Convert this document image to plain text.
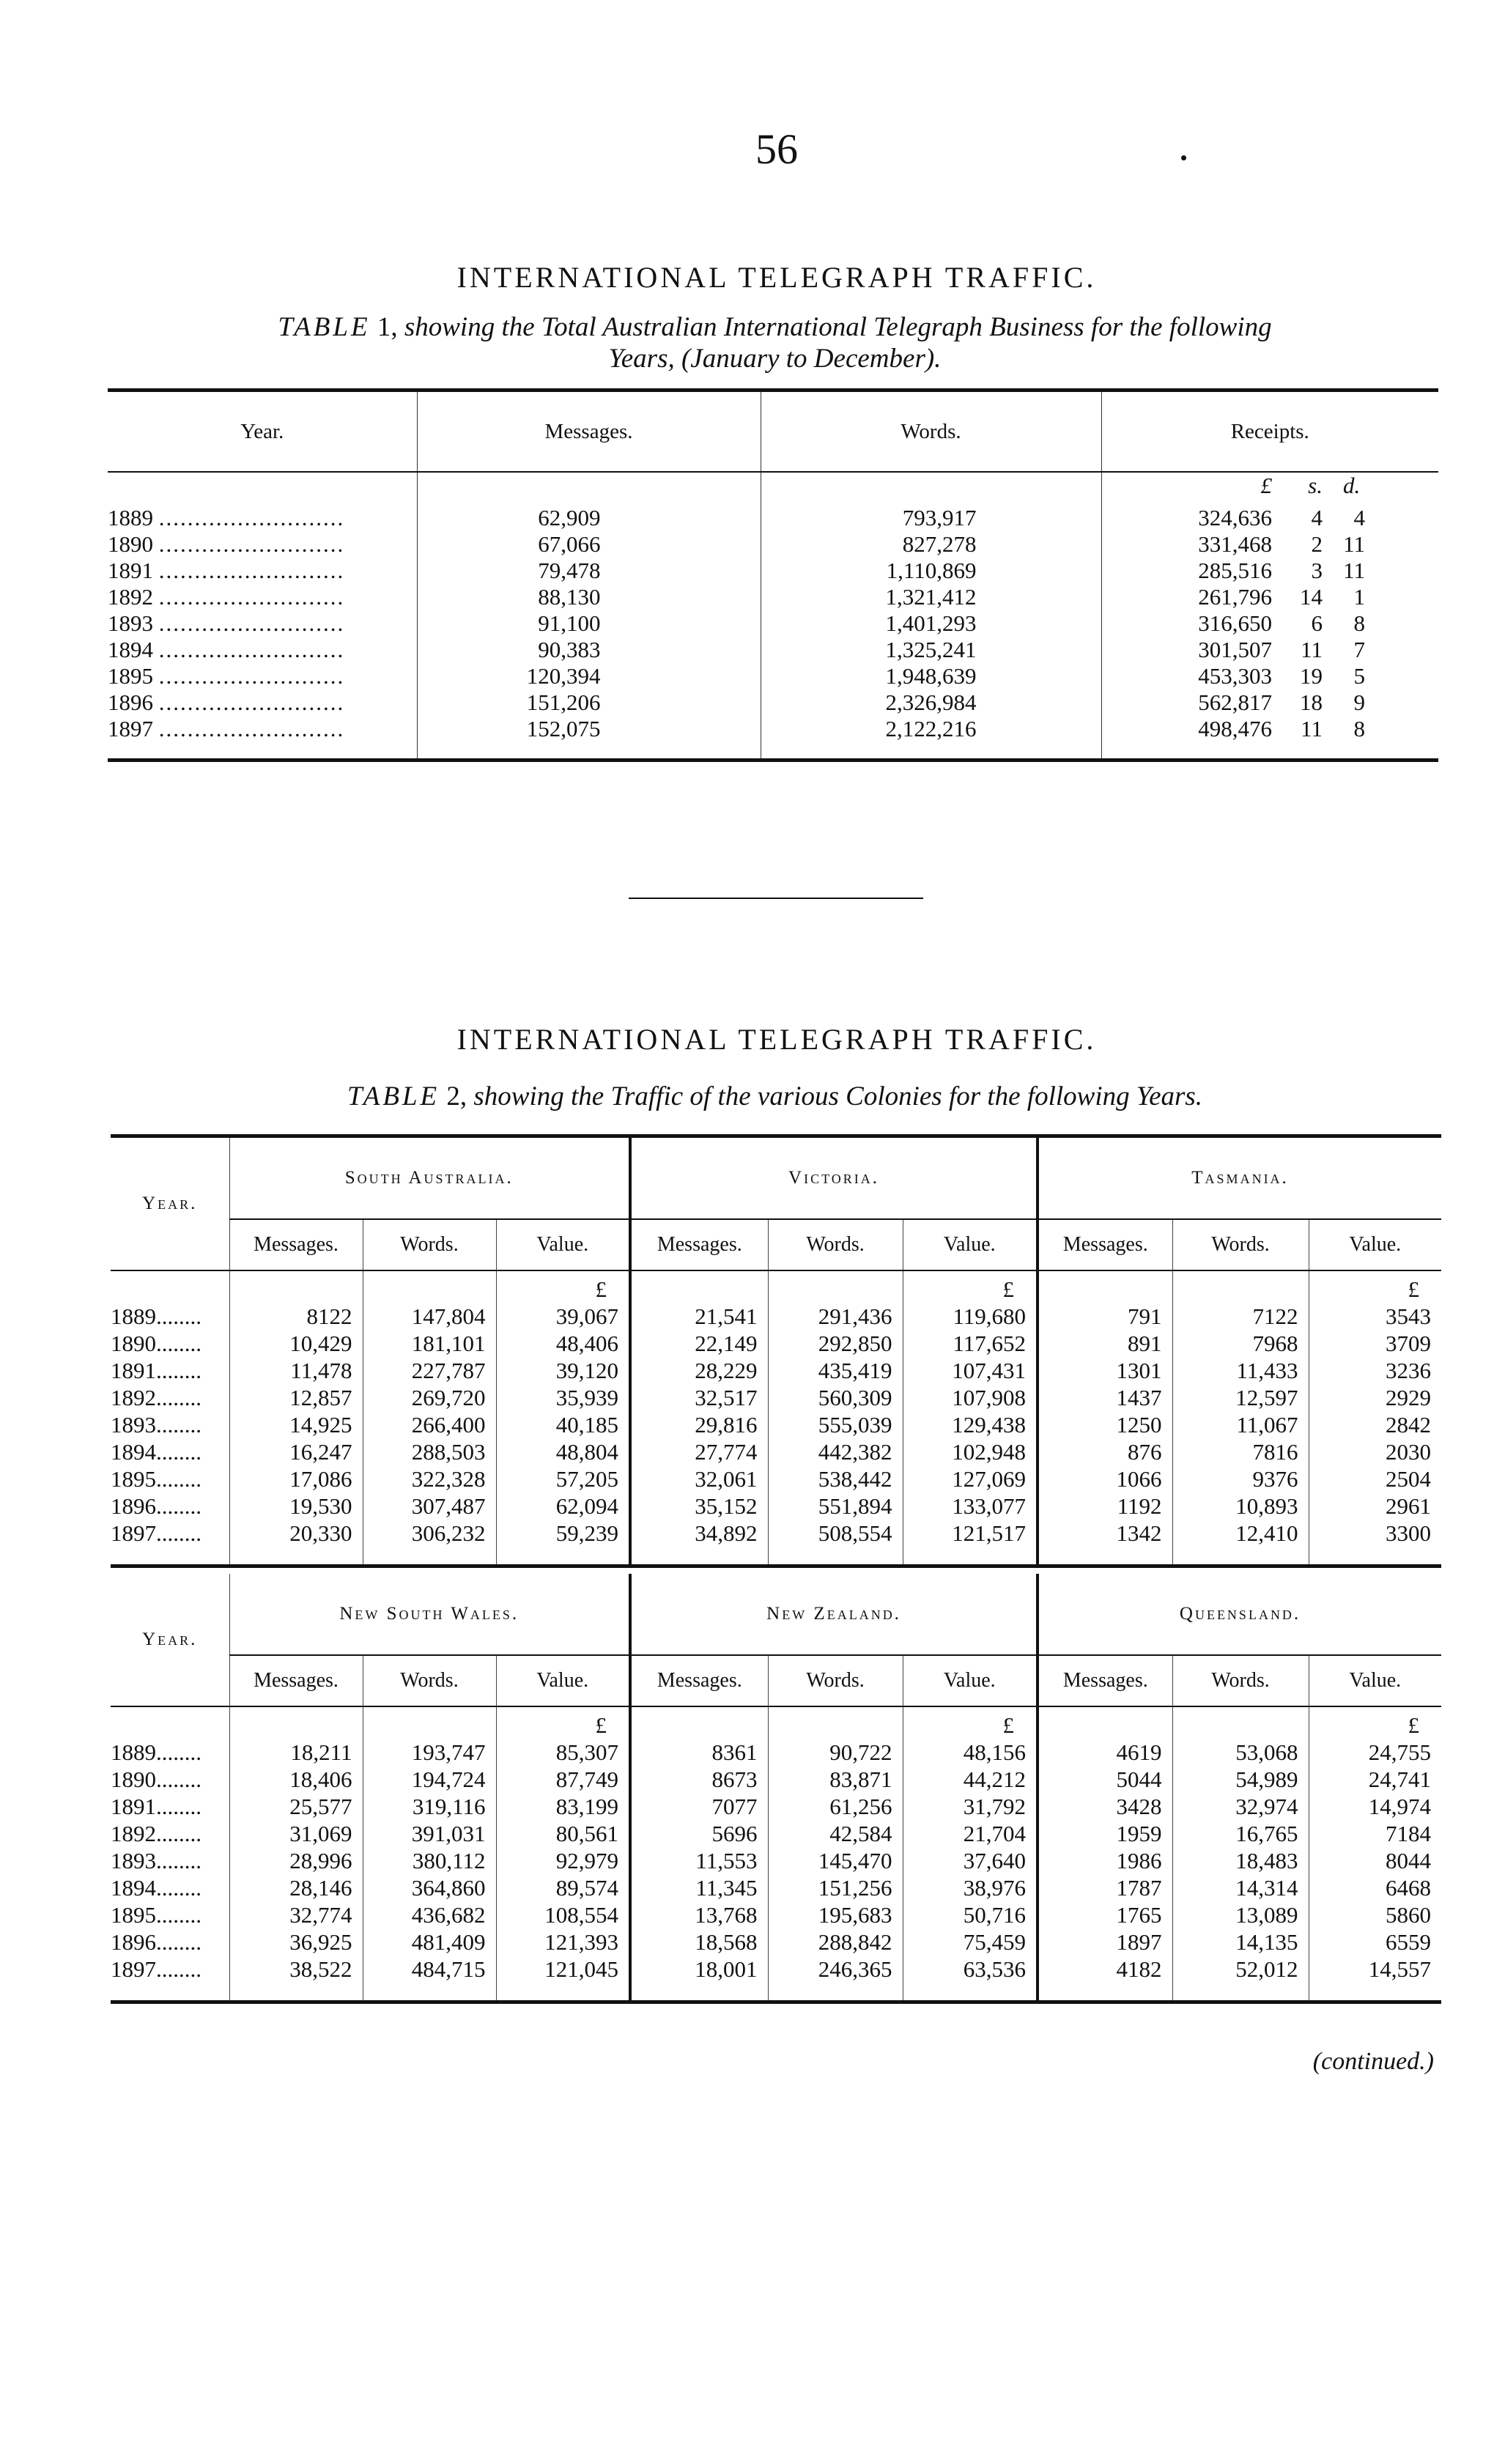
56
INTERNATIONAL TELEGRAPH TRAFFIC.
TABLE 1, showing the Total Australian International Telegraph Business for the following
Years, (January to December).
Year.	Messages.	Words.	Receipts.		
			£	s.	d.
1889 ..........................	62,909	793,917	324,636	4	4
1890 ..........................	67,066	827,278	331,468	2	11
1891 ..........................	79,478	1,110,869	285,516	3	11
1892 ..........................	88,130	1,321,412	261,796	14	1
1893 ..........................	91,100	1,401,293	316,650	6	8
1894 ..........................	90,383	1,325,241	301,507	11	7
1895 ..........................	120,394	1,948,639	453,303	19	5
1896 ..........................	151,206	2,326,984	562,817	18	9
1897 ..........................	152,075	2,122,216	498,476	11	8
INTERNATIONAL TELEGRAPH TRAFFIC.
TABLE 2, showing the Traffic of the various Colonies for the following Years.
Year.	South Australia.			Victoria.			Tasmania.		
	Messages.	Words.	Value.	Messages.	Words.	Value.	Messages.	Words.	Value.
			£			£			£
1889........	8122	147,804	39,067	21,541	291,436	119,680	791	7122	3543
1890........	10,429	181,101	48,406	22,149	292,850	117,652	891	7968	3709
1891........	11,478	227,787	39,120	28,229	435,419	107,431	1301	11,433	3236
1892........	12,857	269,720	35,939	32,517	560,309	107,908	1437	12,597	2929
1893........	14,925	266,400	40,185	29,816	555,039	129,438	1250	11,067	2842
1894........	16,247	288,503	48,804	27,774	442,382	102,948	876	7816	2030
1895........	17,086	322,328	57,205	32,061	538,442	127,069	1066	9376	2504
1896........	19,530	307,487	62,094	35,152	551,894	133,077	1192	10,893	2961
1897........	20,330	306,232	59,239	34,892	508,554	121,517	1342	12,410	3300
Year.	New South Wales.			New Zealand.			Queensland.		
	Messages.	Words.	Value.	Messages.	Words.	Value.	Messages.	Words.	Value.
			£			£			£
1889........	18,211	193,747	85,307	8361	90,722	48,156	4619	53,068	24,755
1890........	18,406	194,724	87,749	8673	83,871	44,212	5044	54,989	24,741
1891........	25,577	319,116	83,199	7077	61,256	31,792	3428	32,974	14,974
1892........	31,069	391,031	80,561	5696	42,584	21,704	1959	16,765	7184
1893........	28,996	380,112	92,979	11,553	145,470	37,640	1986	18,483	8044
1894........	28,146	364,860	89,574	11,345	151,256	38,976	1787	14,314	6468
1895........	32,774	436,682	108,554	13,768	195,683	50,716	1765	13,089	5860
1896........	36,925	481,409	121,393	18,568	288,842	75,459	1897	14,135	6559
1897........	38,522	484,715	121,045	18,001	246,365	63,536	4182	52,012	14,557
(continued.)
